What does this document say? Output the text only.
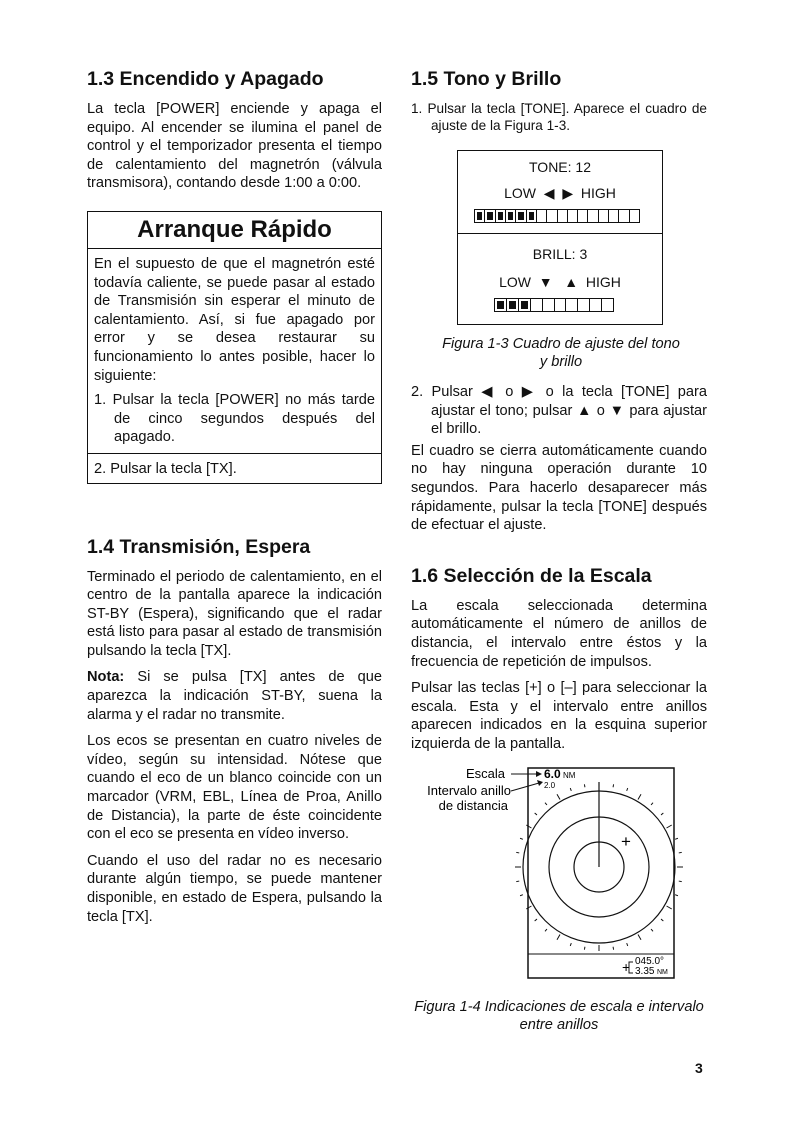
1.3 Encendido y Apagado

La tecla [POWER] enciende y apaga el equipo. Al encender se ilumina el panel de control y el temporizador presenta el tiempo de calentamiento del magnetrón (válvula transmisora), contando desde 1:00 a 0:00.

Arranque Rápido

En el supuesto de que el magnetrón esté todavía caliente, se puede pasar al estado de Transmisión sin esperar el minuto de calentamiento. Así, si fue apagado por error y se desea restaurar su funcionamiento lo antes posible, hacer lo siguiente:

1. Pulsar la tecla [POWER] no más tarde de cinco segundos después del apagado.
2. Pulsar la tecla [TX].
1.4 Transmisión, Espera

Terminado el periodo de calentamiento, en el centro de la pantalla aparece la indicación ST-BY (Espera), significando que el radar está listo para pasar al estado de transmisión pulsando la tecla [TX].

Nota: Si se pulsa [TX] antes de que aparezca la indicación ST-BY, suena la alarma y el radar no transmite.

Los ecos se presentan en cuatro niveles de vídeo, según su intensidad. Nótese que cuando el eco de un blanco coincide con un marcador (VRM, EBL, Línea de Proa, Anillo de Distancia), la parte de éste coincidente con el eco se presenta en vídeo inverso.

Cuando el uso del radar no es necesario durante algún tiempo, se puede mantener disponible, en estado de Espera, pulsando la tecla [TX].

1.5 Tono y Brillo
1. Pulsar la tecla [TONE]. Aparece el cuadro de ajuste de la Figura 1-3.
TONE: 12
LOW ◀ ▶ HIGH
BRILL: 3
LOW ▼ ▲ HIGH
Figura 1-3 Cuadro de ajuste del tono y brillo
2. Pulsar ◀ o ▶ o la tecla [TONE] para ajustar el tono; pulsar ▲ o ▼ para ajustar el brillo.

El cuadro se cierra automáticamente cuando no hay ninguna operación durante 10 segundos. Para hacerlo desaparecer más rápidamente, pulsar la tecla [TONE] después de efectuar el ajuste.

1.6 Selección de la Escala

La escala seleccionada determina automáticamente el número de anillos de distancia, el intervalo entre éstos y la frecuencia de repetición de impulsos.

Pulsar las teclas [+] o [–] para seleccionar la escala. Esta y el intervalo entre anillos aparecen indicados en la esquina superior izquierda de la pantalla.

+
Escala
Intervalo anillo
de distancia
6.0 NM
2.0
+ 045.0°
3.35 NM
Figura 1-4 Indicaciones de escala e intervalo entre anillos
3
